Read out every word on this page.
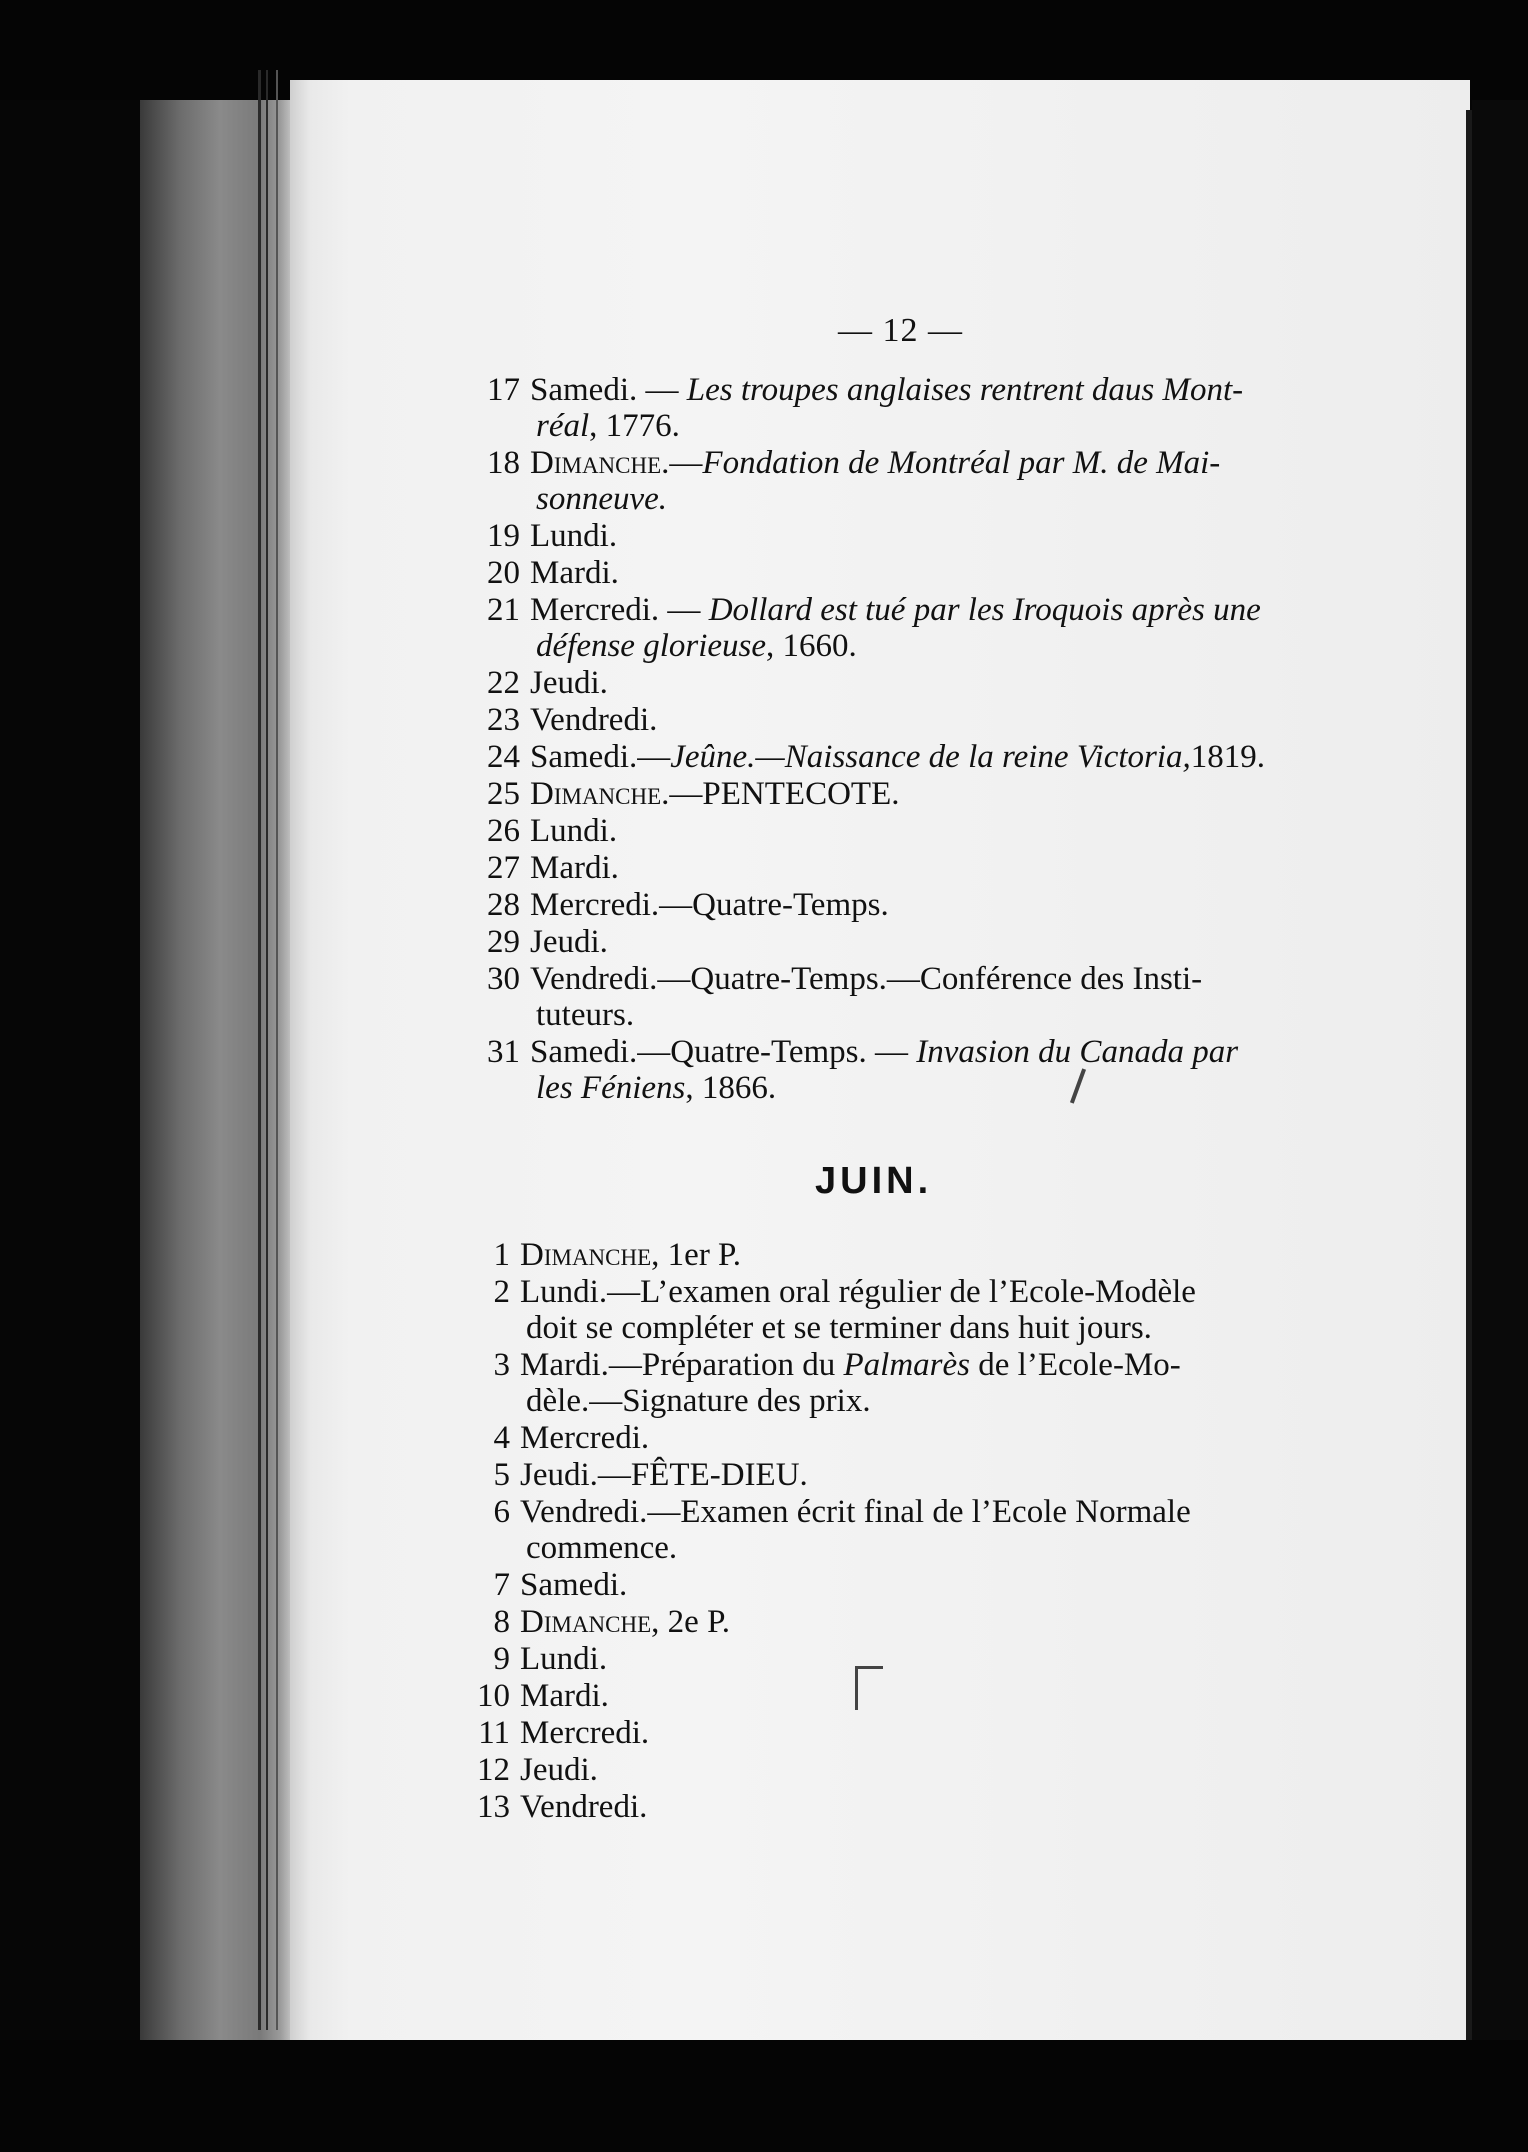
— 12 —
17 Samedi. — Les troupes anglaises rentrent daus Mont-
réal, 1776.
18 Dimanche.—Fondation de Montréal par M. de Mai-
sonneuve.
19 Lundi.
20 Mardi.
21 Mercredi. — Dollard est tué par les Iroquois après une
défense glorieuse, 1660.
22 Jeudi.
23 Vendredi.
24 Samedi.—Jeûne.—Naissance de la reine Victoria,1819.
25 Dimanche.—PENTECOTE.
26 Lundi.
27 Mardi.
28 Mercredi.—Quatre-Temps.
29 Jeudi.
30 Vendredi.—Quatre-Temps.—Conférence des Insti-
tuteurs.
31 Samedi.—Quatre-Temps. — Invasion du Canada par
les Féniens, 1866.
JUIN.
1 Dimanche, 1er P.
2 Lundi.—L’examen oral régulier de l’Ecole-Modèle
doit se compléter et se terminer dans huit jours.
3 Mardi.—Préparation du Palmarès de l’Ecole-Mo-
dèle.—Signature des prix.
4 Mercredi.
5 Jeudi.—FÊTE-DIEU.
6 Vendredi.—Examen écrit final de l’Ecole Normale
commence.
7 Samedi.
8 Dimanche, 2e P.
9 Lundi.
10 Mardi.
11 Mercredi.
12 Jeudi.
13 Vendredi.
